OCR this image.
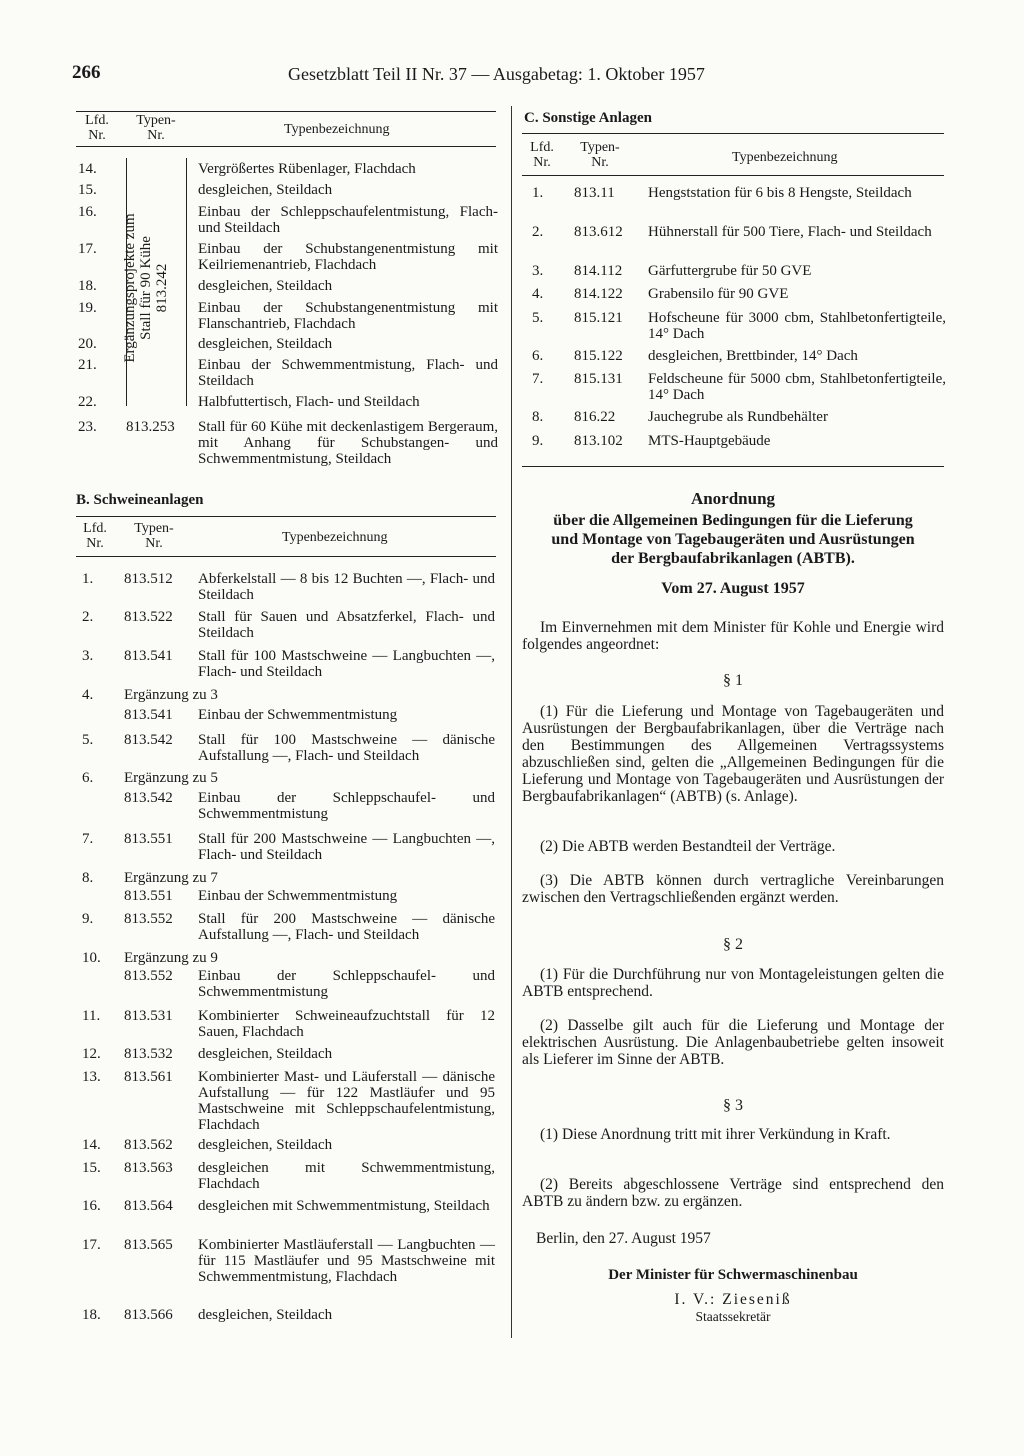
266	Gesetzblatt Teil II Nr. 37 — Ausgabetag: 1. Oktober 1957
Lfd.
Nr.
Typen-
Nr.	Typenbezeichnung
Ergänzungsprojekte zum Stall für 90 Kühe 813.242
14.	Vergrößertes Rübenlager, Flachdach
15.	desgleichen, Steildach
16.	Einbau der Schleppschaufelentmistung, Flach- und Steildach
17.	Einbau der Schubstangenentmistung mit Keilriemenantrieb, Flachdach
18.	desgleichen, Steildach
19.	Einbau der Schubstangenentmistung mit Flanschantrieb, Flachdach
20.	desgleichen, Steildach
21.	Einbau der Schwemmentmistung, Flach- und Steildach
22.	Halbfuttertisch, Flach- und Steildach
23. 813.253 Stall für 60 Kühe mit deckenlastigem Bergeraum, mit Anhang für Schubstangen- und Schwemmentmistung, Steildach
B. Schweineanlagen
Lfd.
Nr.
Typen-
Nr.	Typenbezeichnung
1. 813.512 Abferkelstall — 8 bis 12 Buchten —, Flach- und Steildach
2. 813.522 Stall für Sauen und Absatzferkel, Flach- und Steildach
3. 813.541 Stall für 100 Mastschweine — Langbuchten —, Flach- und Steildach
4. Ergänzung zu 3
813.541 Einbau der Schwemmentmistung
5. 813.542 Stall für 100 Mastschweine — dänische Aufstallung —, Flach- und Steildach
6. Ergänzung zu 5
813.542 Einbau der Schleppschaufel- und Schwemmentmistung
7. 813.551 Stall für 200 Mastschweine — Langbuchten —, Flach- und Steildach
8. Ergänzung zu 7
813.551 Einbau der Schwemmentmistung
9. 813.552 Stall für 200 Mastschweine — dänische Aufstallung —, Flach- und Steildach
10. Ergänzung zu 9
813.552 Einbau der Schleppschaufel- und Schwemmentmistung
11. 813.531 Kombinierter Schweineaufzuchtstall für 12 Sauen, Flachdach
12. 813.532 desgleichen, Steildach
13. 813.561 Kombinierter Mast- und Läuferstall — dänische Aufstallung — für 122 Mastläufer und 95 Mastschweine mit Schleppschaufelentmistung, Flachdach
14. 813.562 desgleichen, Steildach
15. 813.563 desgleichen mit Schwemmentmistung, Flachdach
16. 813.564 desgleichen mit Schwemmentmistung, Steildach
17. 813.565 Kombinierter Mastläuferstall — Langbuchten — für 115 Mastläufer und 95 Mastschweine mit Schwemmentmistung, Flachdach
18. 813.566 desgleichen, Steildach
C. Sonstige Anlagen
Lfd.
Nr.
Typen-
Nr.	Typenbezeichnung
1. 813.11 Hengststation für 6 bis 8 Hengste, Steildach
2. 813.612 Hühnerstall für 500 Tiere, Flach- und Steildach
3. 814.112 Gärfuttergrube für 50 GVE
4. 814.122 Grabensilo für 90 GVE
5. 815.121 Hofscheune für 3000 cbm, Stahlbetonfertigteile, 14° Dach
6. 815.122 desgleichen, Brettbinder, 14° Dach
7. 815.131 Feldscheune für 5000 cbm, Stahlbetonfertigteile, 14° Dach
8. 816.22 Jauchegrube als Rundbehälter
9. 813.102 MTS-Hauptgebäude
Anordnung
über die Allgemeinen Bedingungen für die Lieferung
und Montage von Tagebaugeräten und Ausrüstungen
der Bergbaufabrikanlagen (ABTB).
Vom 27. August 1957
Im Einvernehmen mit dem Minister für Kohle und Energie wird folgendes angeordnet:
§ 1
(1) Für die Lieferung und Montage von Tagebaugeräten und Ausrüstungen der Bergbaufabrikanlagen, über die Verträge nach den Bestimmungen des Allgemeinen Vertragssystems abzuschließen sind, gelten die „Allgemeinen Bedingungen für die Lieferung und Montage von Tagebaugeräten und Ausrüstungen der Bergbaufabrikanlagen“ (ABTB) (s. Anlage).
(2) Die ABTB werden Bestandteil der Verträge.
(3) Die ABTB können durch vertragliche Vereinbarungen zwischen den Vertragschließenden ergänzt werden.
§ 2
(1) Für die Durchführung nur von Montageleistungen gelten die ABTB entsprechend.
(2) Dasselbe gilt auch für die Lieferung und Montage der elektrischen Ausrüstung. Die Anlagenbaubetriebe gelten insoweit als Lieferer im Sinne der ABTB.
§ 3
(1) Diese Anordnung tritt mit ihrer Verkündung in Kraft.
(2) Bereits abgeschlossene Verträge sind entsprechend den ABTB zu ändern bzw. zu ergänzen.
Berlin, den 27. August 1957
Der Minister für Schwermaschinenbau
I. V.: Ziesenіß
Staatssekretär
